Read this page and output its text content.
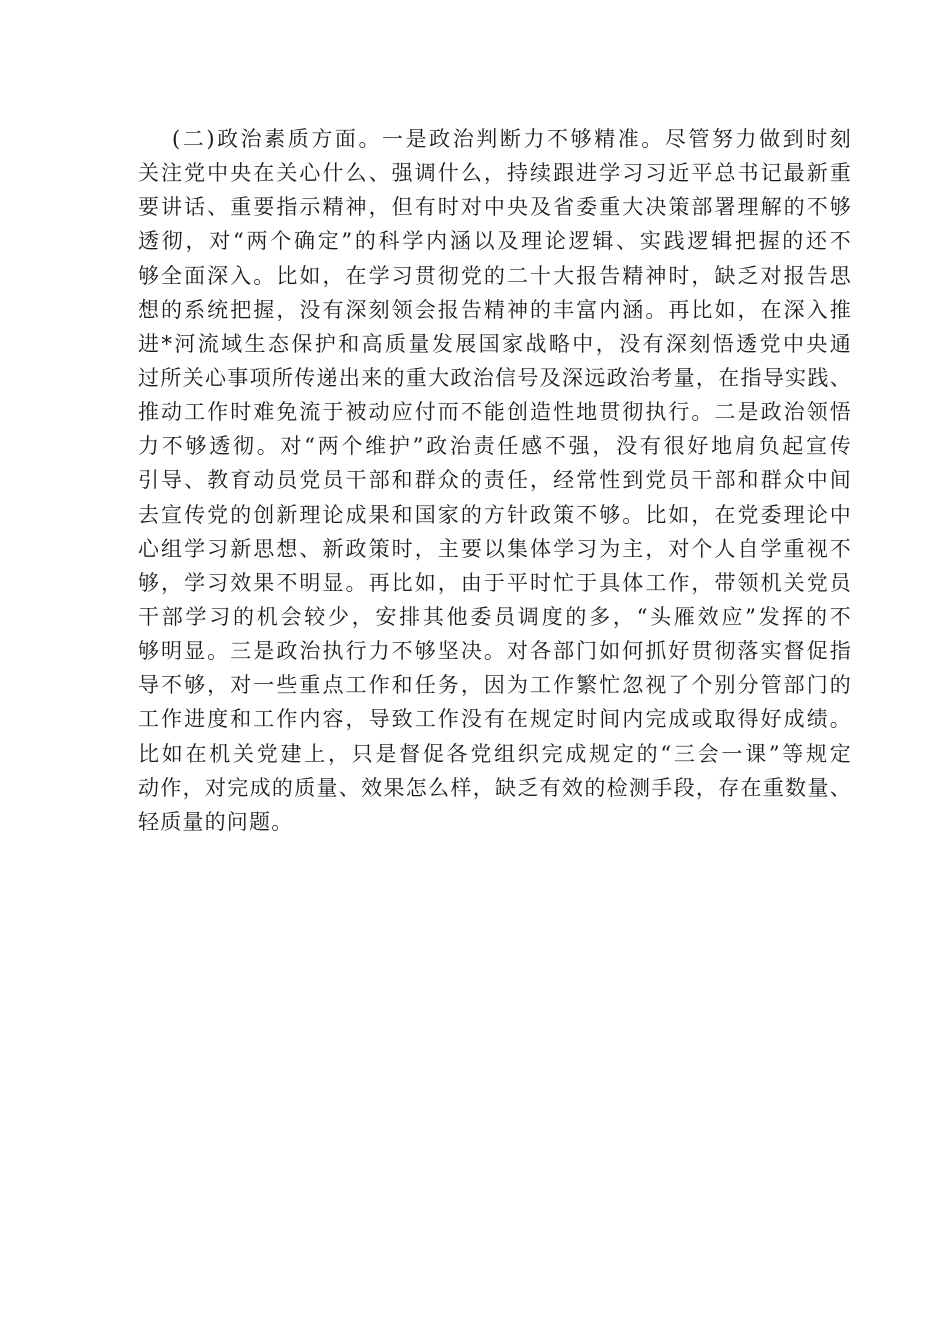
(二)政治素质方面。一是政治判断力不够精准。尽管努力做到时刻
关注党中央在关心什么、强调什么，持续跟进学习习近平总书记最新重
要讲话、重要指示精神，但有时对中央及省委重大决策部署理解的不够
透彻，对“两个确定”的科学内涵以及理论逻辑、实践逻辑把握的还不
够全面深入。比如，在学习贯彻党的二十大报告精神时，缺乏对报告思
想的系统把握，没有深刻领会报告精神的丰富内涵。再比如，在深入推
进*河流域生态保护和高质量发展国家战略中，没有深刻悟透党中央通
过所关心事项所传递出来的重大政治信号及深远政治考量，在指导实践、
推动工作时难免流于被动应付而不能创造性地贯彻执行。二是政治领悟
力不够透彻。对“两个维护”政治责任感不强，没有很好地肩负起宣传
引导、教育动员党员干部和群众的责任，经常性到党员干部和群众中间
去宣传党的创新理论成果和国家的方针政策不够。比如，在党委理论中
心组学习新思想、新政策时，主要以集体学习为主，对个人自学重视不
够，学习效果不明显。再比如，由于平时忙于具体工作，带领机关党员
干部学习的机会较少，安排其他委员调度的多，“头雁效应”发挥的不
够明显。三是政治执行力不够坚决。对各部门如何抓好贯彻落实督促指
导不够，对一些重点工作和任务，因为工作繁忙忽视了个别分管部门的
工作进度和工作内容，导致工作没有在规定时间内完成或取得好成绩。
比如在机关党建上，只是督促各党组织完成规定的“三会一课”等规定
动作，对完成的质量、效果怎么样，缺乏有效的检测手段，存在重数量、
轻质量的问题。
